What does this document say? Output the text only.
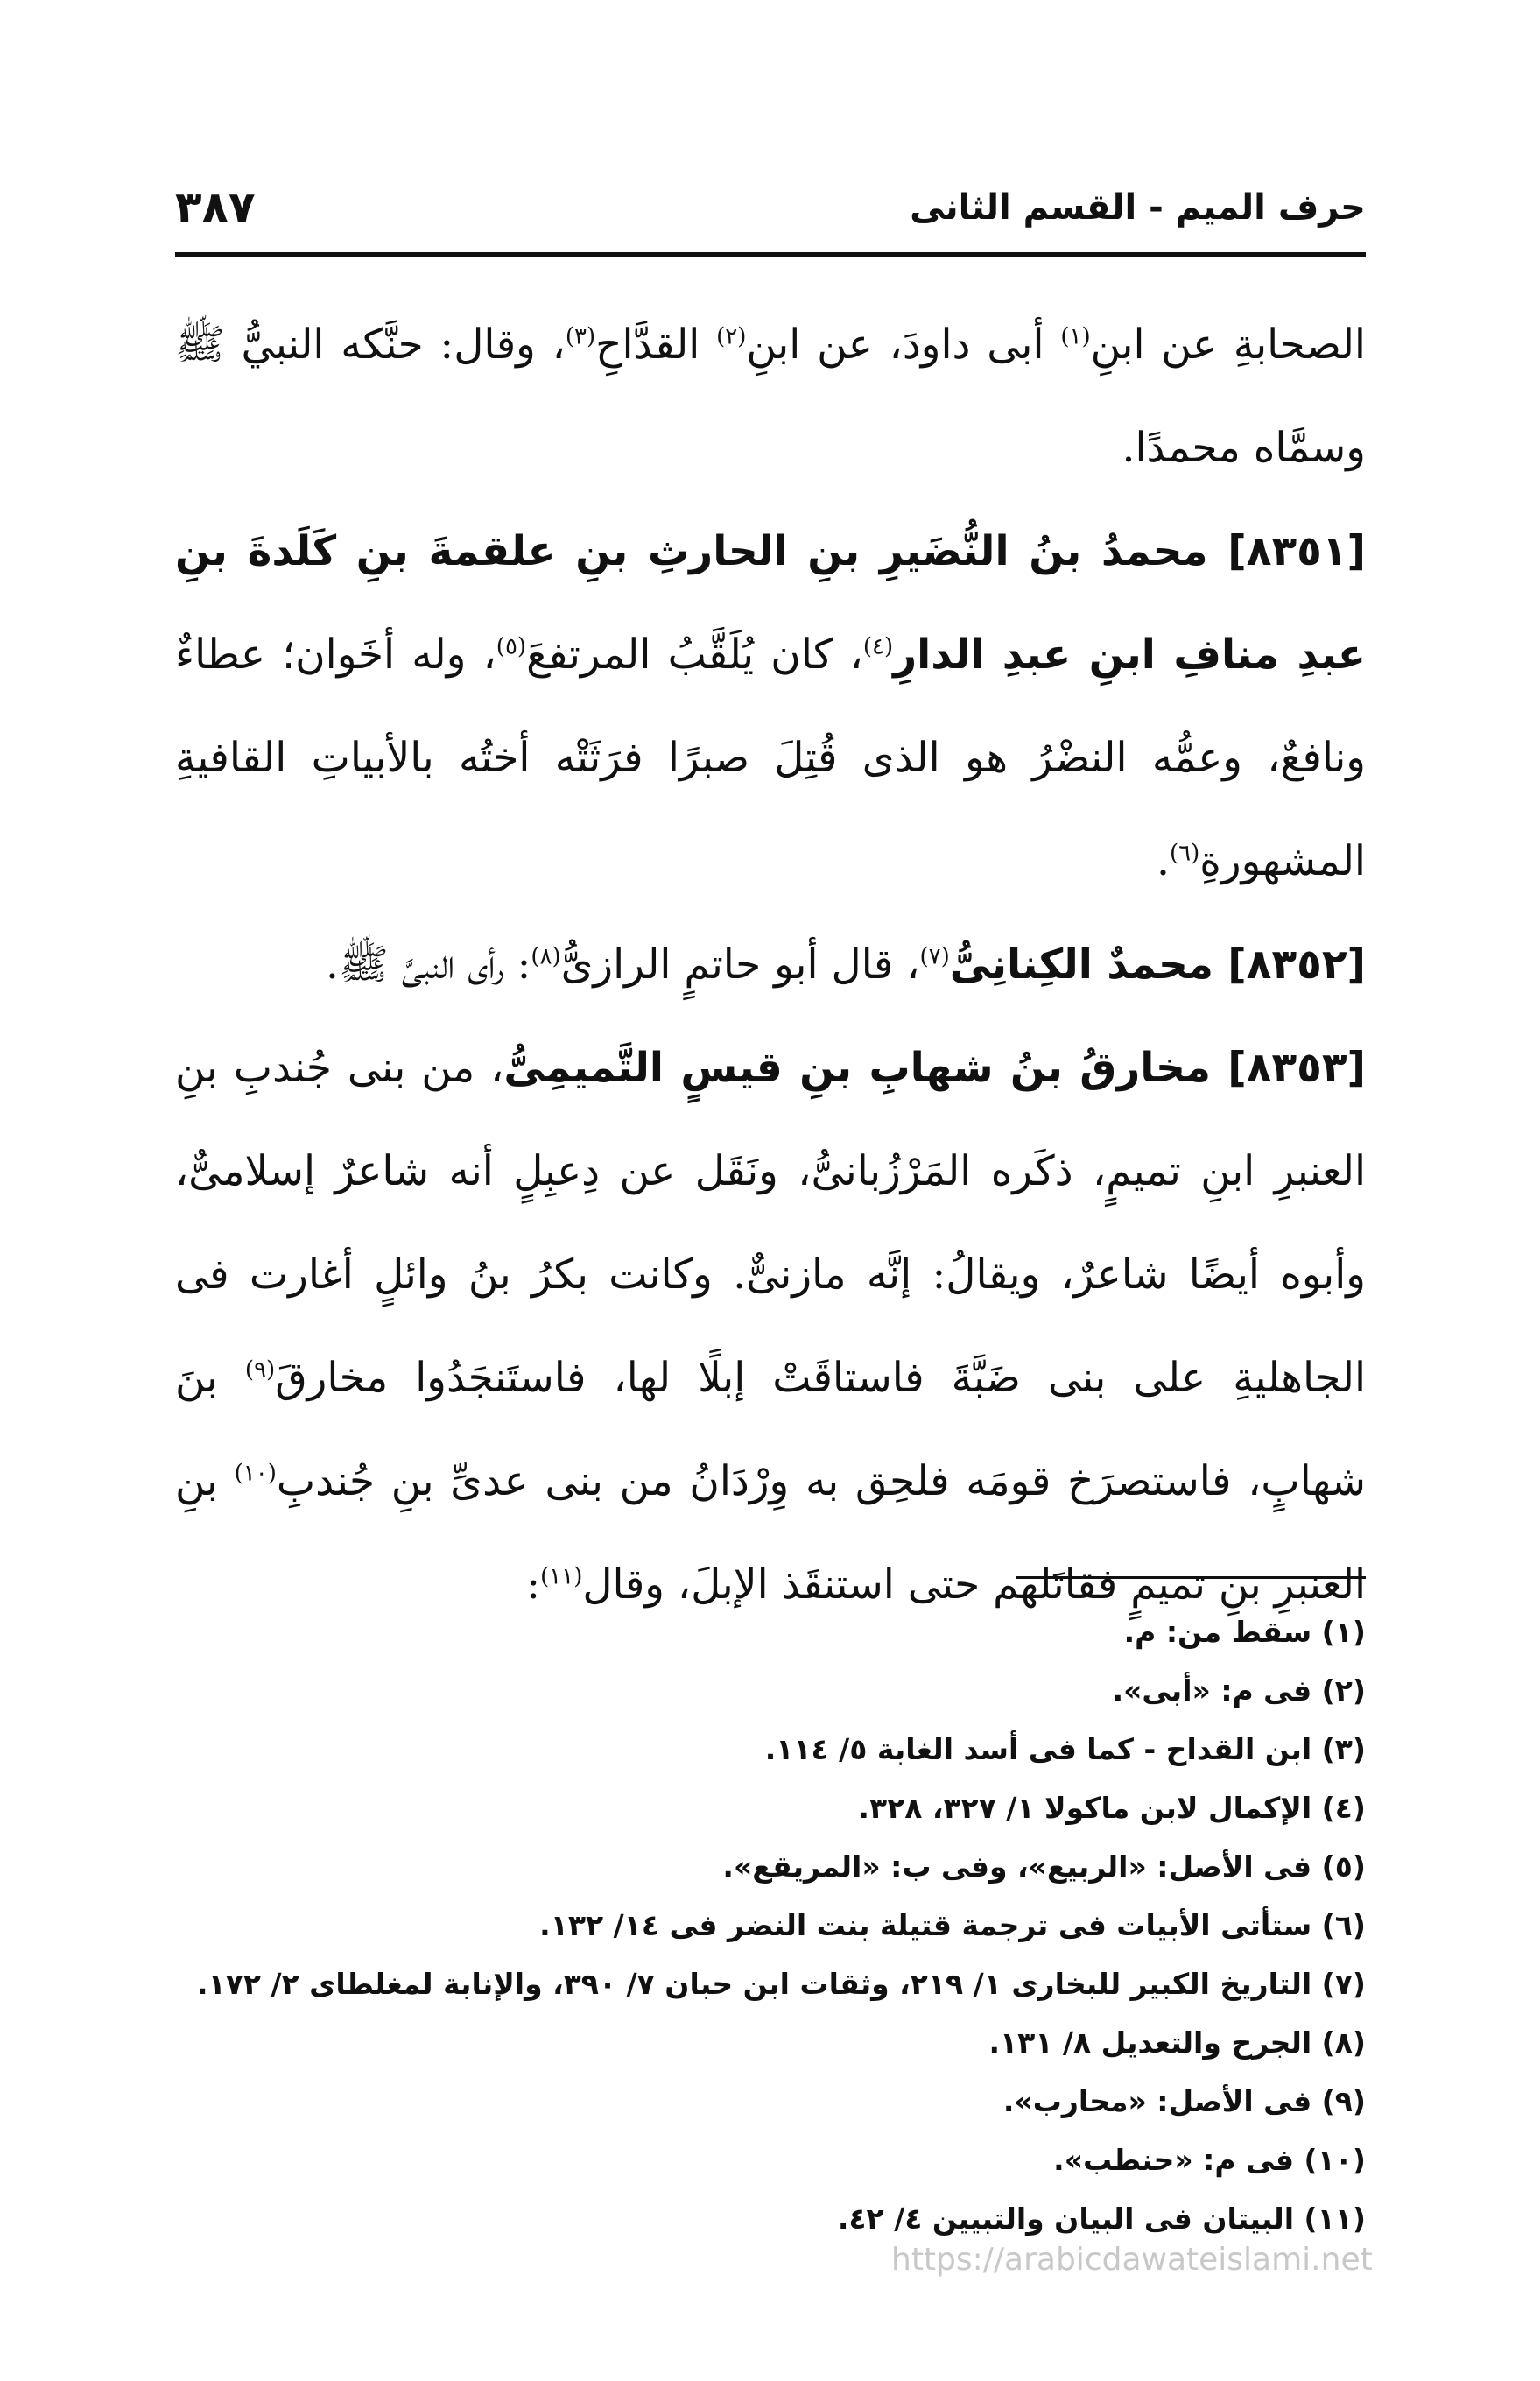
حرف الميم - القسم الثانى
٣٨٧

الصحابةِ عن ابنِ$^{(١)}$ أبى داودَ، عن ابنِ$^{(٢)}$ القدَّاحِ$^{(٣)}$، وقال: حنَّكه النبيُّ ﷺ وسمَّاه محمدًا.

[٨٣٥١] محمدُ بنُ النُّضَيرِ بنِ الحارثِ بنِ علقمةَ بنِ كَلَدةَ بنِ عبدِ منافِ ابنِ عبدِ الدارِ$^{(٤)}$، كان يُلَقَّبُ المرتفعَ$^{(٥)}$، وله أخَوان؛ عطاءٌ ونافعٌ، وعمُّه النضْرُ هو الذى قُتِلَ صبرًا فرَثَتْه أختُه بالأبياتِ القافيةِ المشهورةِ$^{(٦)}$.

[٨٣٥٢] محمدٌ الكِنانِىُّ$^{(٧)}$، قال أبو حاتمٍ الرازىُّ$^{(٨)}$: رأى النبىَّ ﷺ.

[٨٣٥٣] مخارقُ بنُ شهابِ بنِ قيسٍ التَّميمِىُّ، من بنى جُندبِ بنِ العنبرِ ابنِ تميمٍ، ذكَره المَرْزُبانىُّ، ونَقَل عن دِعبِلٍ أنه شاعرٌ إسلامىٌّ، وأبوه أيضًا شاعرٌ، ويقالُ: إنَّه مازنىٌّ. وكانت بكرُ بنُ وائلٍ أغارت فى الجاهليةِ على بنى ضَبَّةَ فاستاقَتْ إبلًا لها، فاستَنجَدُوا مخارقَ$^{(٩)}$ بنَ شهابٍ، فاستصرَخ قومَه فلحِق به وِرْدَانُ من بنى عدىِّ بنِ جُندبِ$^{(١٠)}$ بنِ العنبرِ بنِ تميمٍ فقاتَلهم حتى استنقَذ الإبلَ، وقال$^{(١١)}$:

(١) سقط من: م.
(٢) فى م: «أبى».
(٣) ابن القداح - كما فى أسد الغابة ٥/ ١١٤.
(٤) الإكمال لابن ماكولا ١/ ٣٢٧، ٣٢٨.
(٥) فى الأصل: «الربيع»، وفى ب: «المريقع».
(٦) ستأتى الأبيات فى ترجمة قتيلة بنت النضر فى ١٤/ ١٣٢.
(٧) التاريخ الكبير للبخارى ١/ ٢١٩، وثقات ابن حبان ٧/ ٣٩٠، والإنابة لمغلطاى ٢/ ١٧٢.
(٨) الجرح والتعديل ٨/ ١٣١.
(٩) فى الأصل: «محارب».
(١٠) فى م: «حنطب».
(١١) البيتان فى البيان والتبيين ٤/ ٤٢.
https://arabicdawateislami.net
